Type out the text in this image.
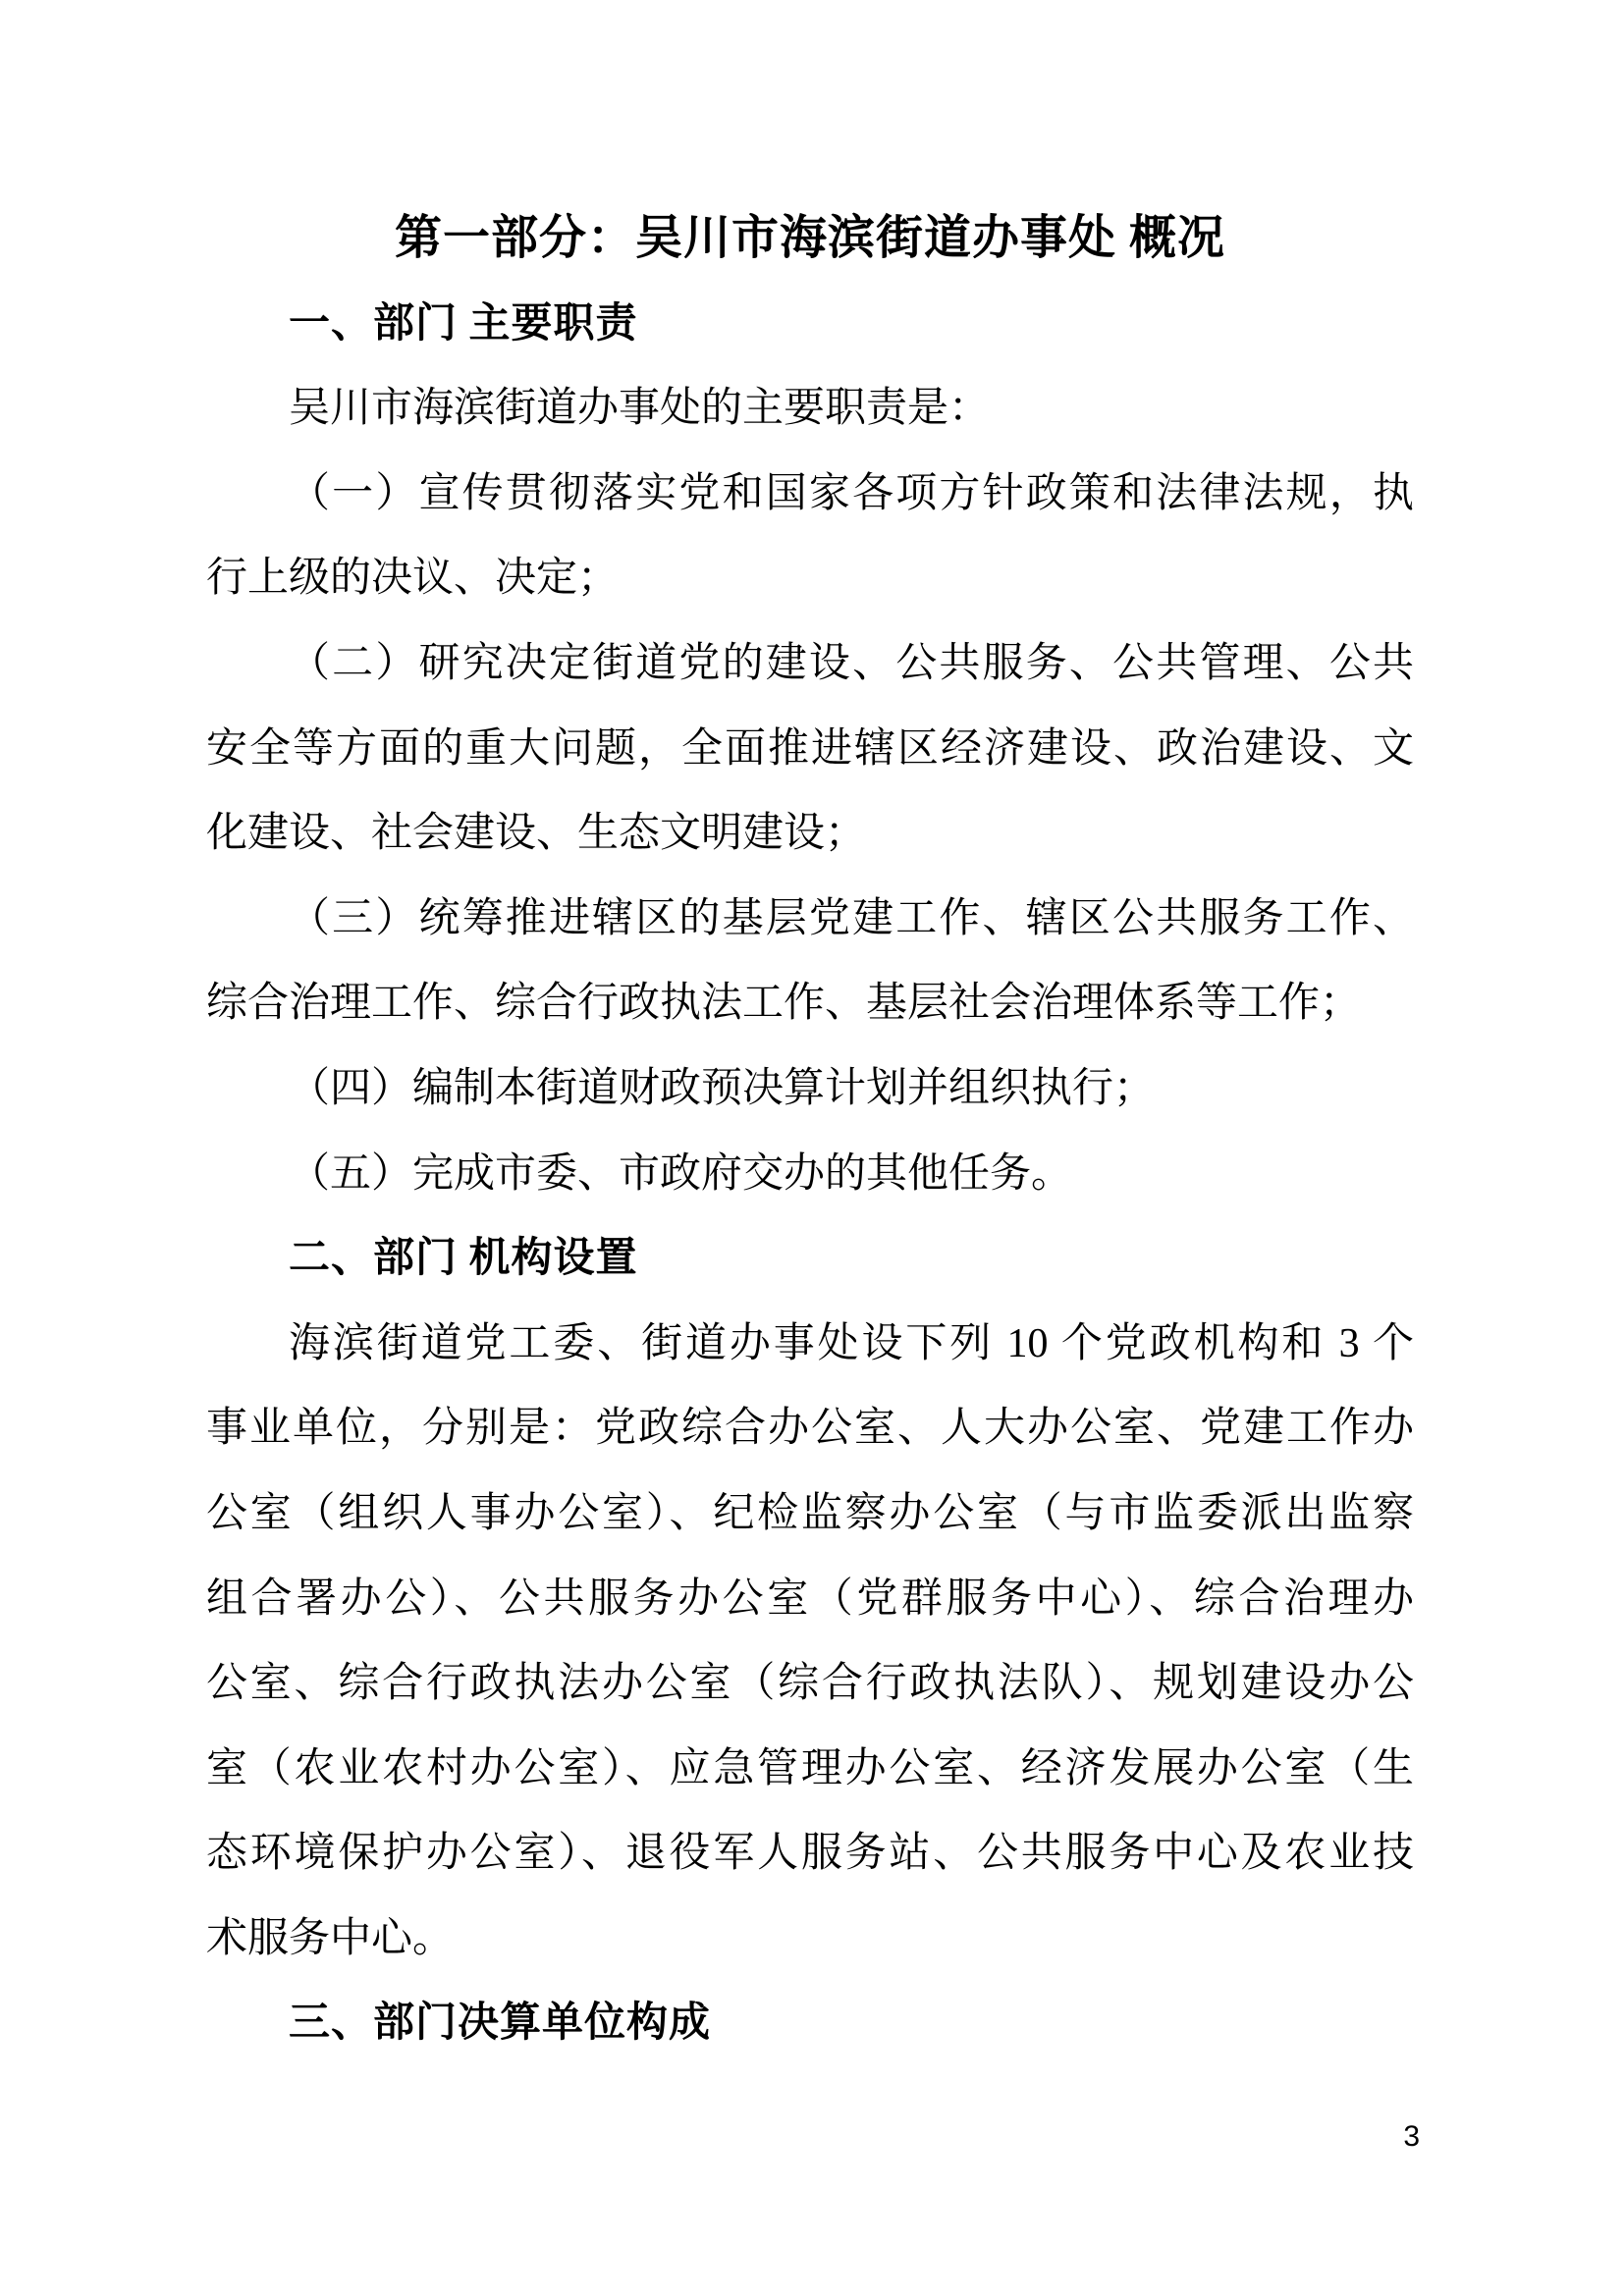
第一部分：吴川市海滨街道办事处 概况
一、部门 主要职责
吴川市海滨街道办事处的主要职责是：
（一）宣传贯彻落实党和国家各项方针政策和法律法规，执
行上级的决议、决定；
（二）研究决定街道党的建设、公共服务、公共管理、公共
安全等方面的重大问题，全面推进辖区经济建设、政治建设、文
化建设、社会建设、生态文明建设；
（三）统筹推进辖区的基层党建工作、辖区公共服务工作、
综合治理工作、综合行政执法工作、基层社会治理体系等工作；
（四）编制本街道财政预决算计划并组织执行；
（五）完成市委、市政府交办的其他任务。
二、部门 机构设置
海滨街道党工委、街道办事处设下列 10 个党政机构和 3 个
事业单位，分别是：党政综合办公室、人大办公室、党建工作办
公室（组织人事办公室）、纪检监察办公室（与市监委派出监察
组合署办公）、公共服务办公室（党群服务中心）、综合治理办
公室、综合行政执法办公室（综合行政执法队）、规划建设办公
室（农业农村办公室）、应急管理办公室、经济发展办公室（生
态环境保护办公室）、退役军人服务站、公共服务中心及农业技
术服务中心。
三、部门决算单位构成
3
